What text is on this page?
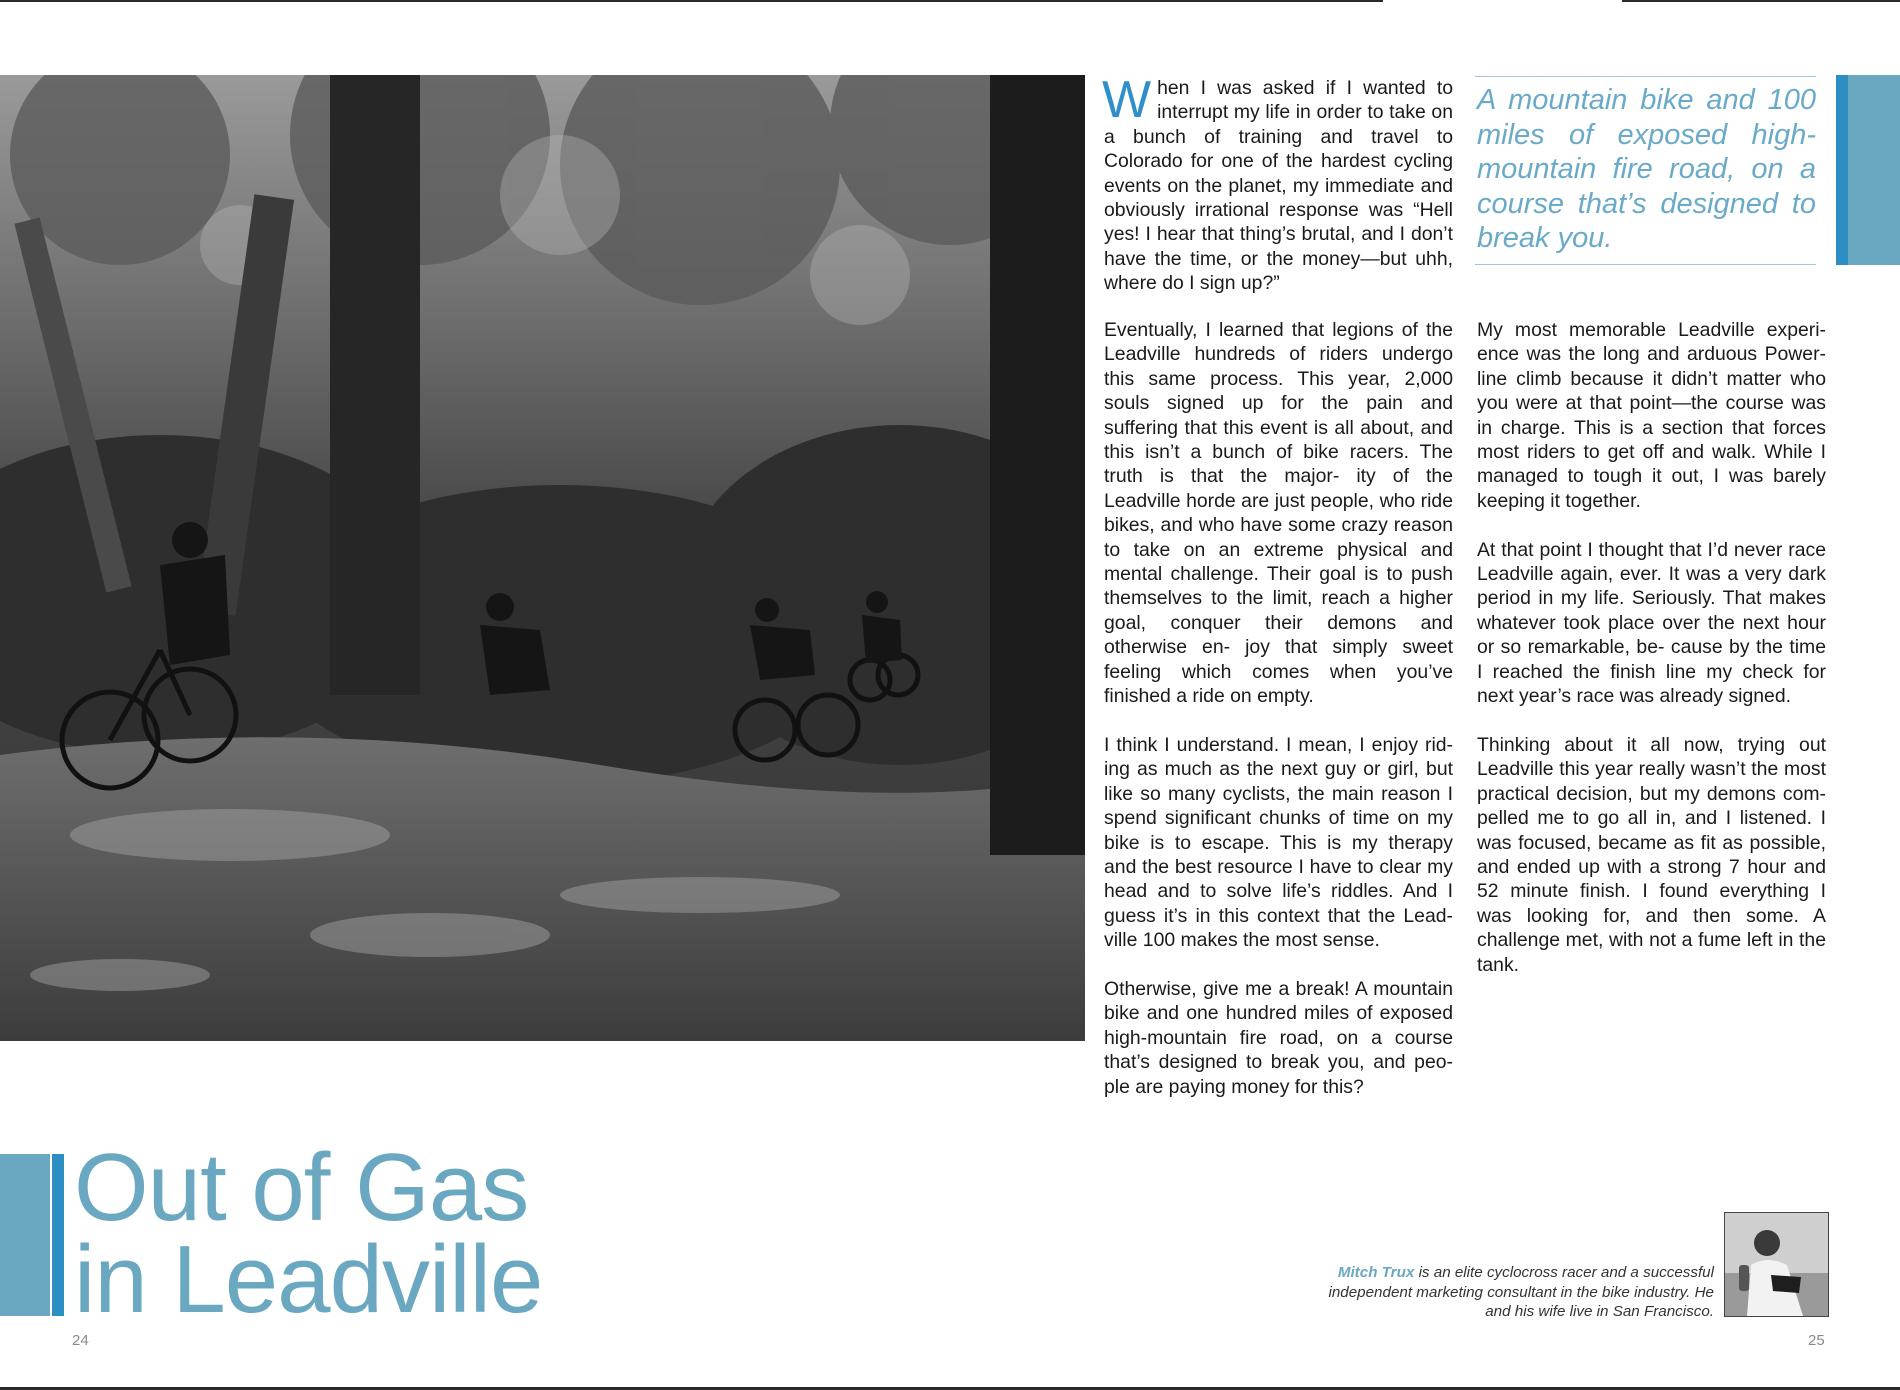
When I was asked if I wanted to interrupt my life in order to take on a bunch of training and travel to Colorado for one of the hardest cycling events on the planet, my immediate and obviously irrational response was “Hell yes! I hear that thing’s brutal, and I don’t have the time, or the money—but uhh, where do I sign up?”

Eventually, I learned that legions of the Leadville hundreds of riders undergo this same process. This year, 2,000 souls signed up for the pain and suffering that this event is all about, and this isn’t a bunch of bike racers. The truth is that the major- ity of the Leadville horde are just people, who ride bikes, and who have some crazy reason to take on an extreme physical and mental challenge. Their goal is to push themselves to the limit, reach a higher goal, conquer their demons and otherwise en- joy that simply sweet feeling which comes when you’ve finished a ride on empty.

I think I understand. I mean, I enjoy rid- ing as much as the next guy or girl, but like so many cyclists, the main reason I spend significant chunks of time on my bike is to escape. This is my therapy and the best resource I have to clear my head and to solve life’s riddles. And I guess it’s in this context that the Lead- ville 100 makes the most sense.

Otherwise, give me a break! A mountain bike and one hundred miles of exposed high-mountain fire road, on a course that’s designed to break you, and peo- ple are paying money for this?

A mountain bike and 100 miles of exposed high-mountain fire road, on a course that’s designed to break you.

My most memorable Leadville experi- ence was the long and arduous Power- line climb because it didn’t matter who you were at that point—the course was in charge. This is a section that forces most riders to get off and walk. While I managed to tough it out, I was barely keeping it together.

At that point I thought that I’d never race Leadville again, ever. It was a very dark period in my life. Seriously. That makes whatever took place over the next hour or so remarkable, be- cause by the time I reached the finish line my check for next year’s race was already signed.

Thinking about it all now, trying out Leadville this year really wasn’t the most practical decision, but my demons com- pelled me to go all in, and I listened. I was focused, became as fit as possible, and ended up with a strong 7 hour and 52 minute finish. I found everything I was looking for, and then some. A challenge met, with not a fume left in the tank.

Out of Gas
in Leadville	Mitch Trux is an elite cyclocross racer and a successful independent marketing consultant in the bike industry. He and his wife live in San Francisco.

24	25
